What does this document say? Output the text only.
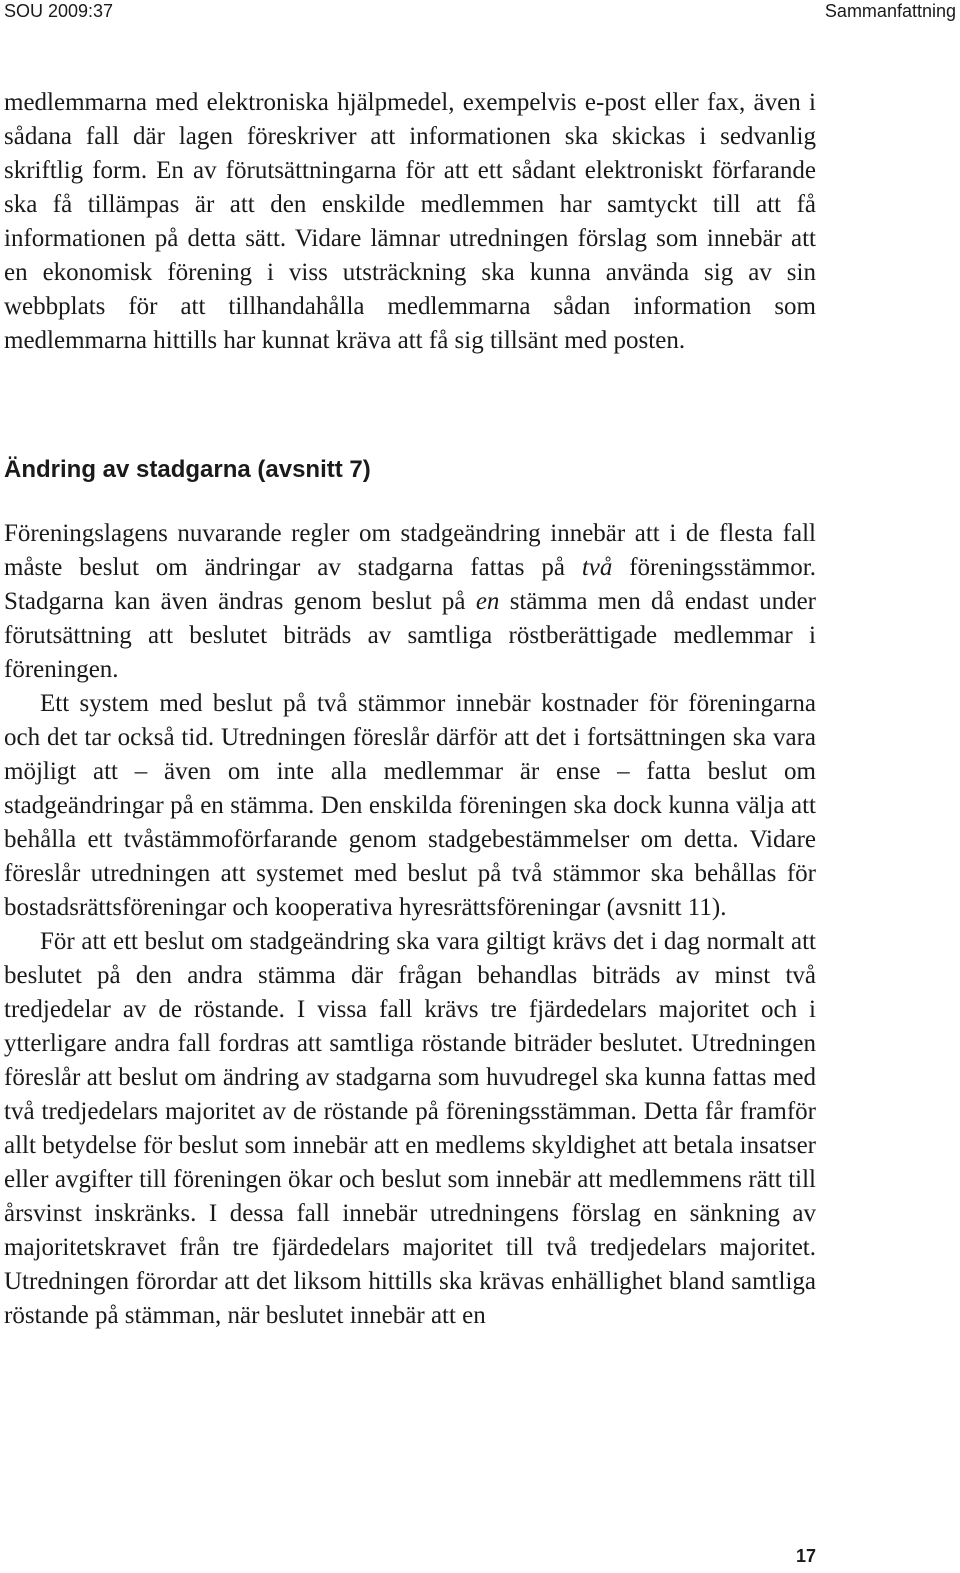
SOU 2009:37	Sammanfattning

medlemmarna med elektroniska hjälpmedel, exempelvis e-post eller fax, även i sådana fall där lagen föreskriver att informationen ska skickas i sedvanlig skriftlig form. En av förutsättningarna för att ett sådant elektroniskt förfarande ska få tillämpas är att den enskilde medlemmen har samtyckt till att få informationen på detta sätt. Vidare lämnar utredningen förslag som innebär att en ekonomisk förening i viss utsträckning ska kunna använda sig av sin webbplats för att tillhandahålla medlemmarna sådan information som medlemmarna hittills har kunnat kräva att få sig tillsänt med posten.

Ändring av stadgarna (avsnitt 7)

Föreningslagens nuvarande regler om stadgeändring innebär att i de flesta fall måste beslut om ändringar av stadgarna fattas på två föreningsstämmor. Stadgarna kan även ändras genom beslut på en stämma men då endast under förutsättning att beslutet biträds av samtliga röstberättigade medlemmar i föreningen.

Ett system med beslut på två stämmor innebär kostnader för föreningarna och det tar också tid. Utredningen föreslår därför att det i fortsättningen ska vara möjligt att – även om inte alla medlemmar är ense – fatta beslut om stadgeändringar på en stämma. Den enskilda föreningen ska dock kunna välja att behålla ett tvåstämmoförfarande genom stadgebestämmelser om detta. Vidare föreslår utredningen att systemet med beslut på två stämmor ska behållas för bostadsrättsföreningar och kooperativa hyresrättsföreningar (avsnitt 11).

För att ett beslut om stadgeändring ska vara giltigt krävs det i dag normalt att beslutet på den andra stämma där frågan behandlas biträds av minst två tredjedelar av de röstande. I vissa fall krävs tre fjärdedelars majoritet och i ytterligare andra fall fordras att samtliga röstande biträder beslutet. Utredningen föreslår att beslut om ändring av stadgarna som huvudregel ska kunna fattas med två tredjedelars majoritet av de röstande på föreningsstämman. Detta får framför allt betydelse för beslut som innebär att en medlems skyldighet att betala insatser eller avgifter till föreningen ökar och beslut som innebär att medlemmens rätt till årsvinst inskränks. I dessa fall innebär utredningens förslag en sänkning av majoritetskravet från tre fjärdedelars majoritet till två tredjedelars majoritet. Utredningen förordar att det liksom hittills ska krävas enhällighet bland samtliga röstande på stämman, när beslutet innebär att en

17
